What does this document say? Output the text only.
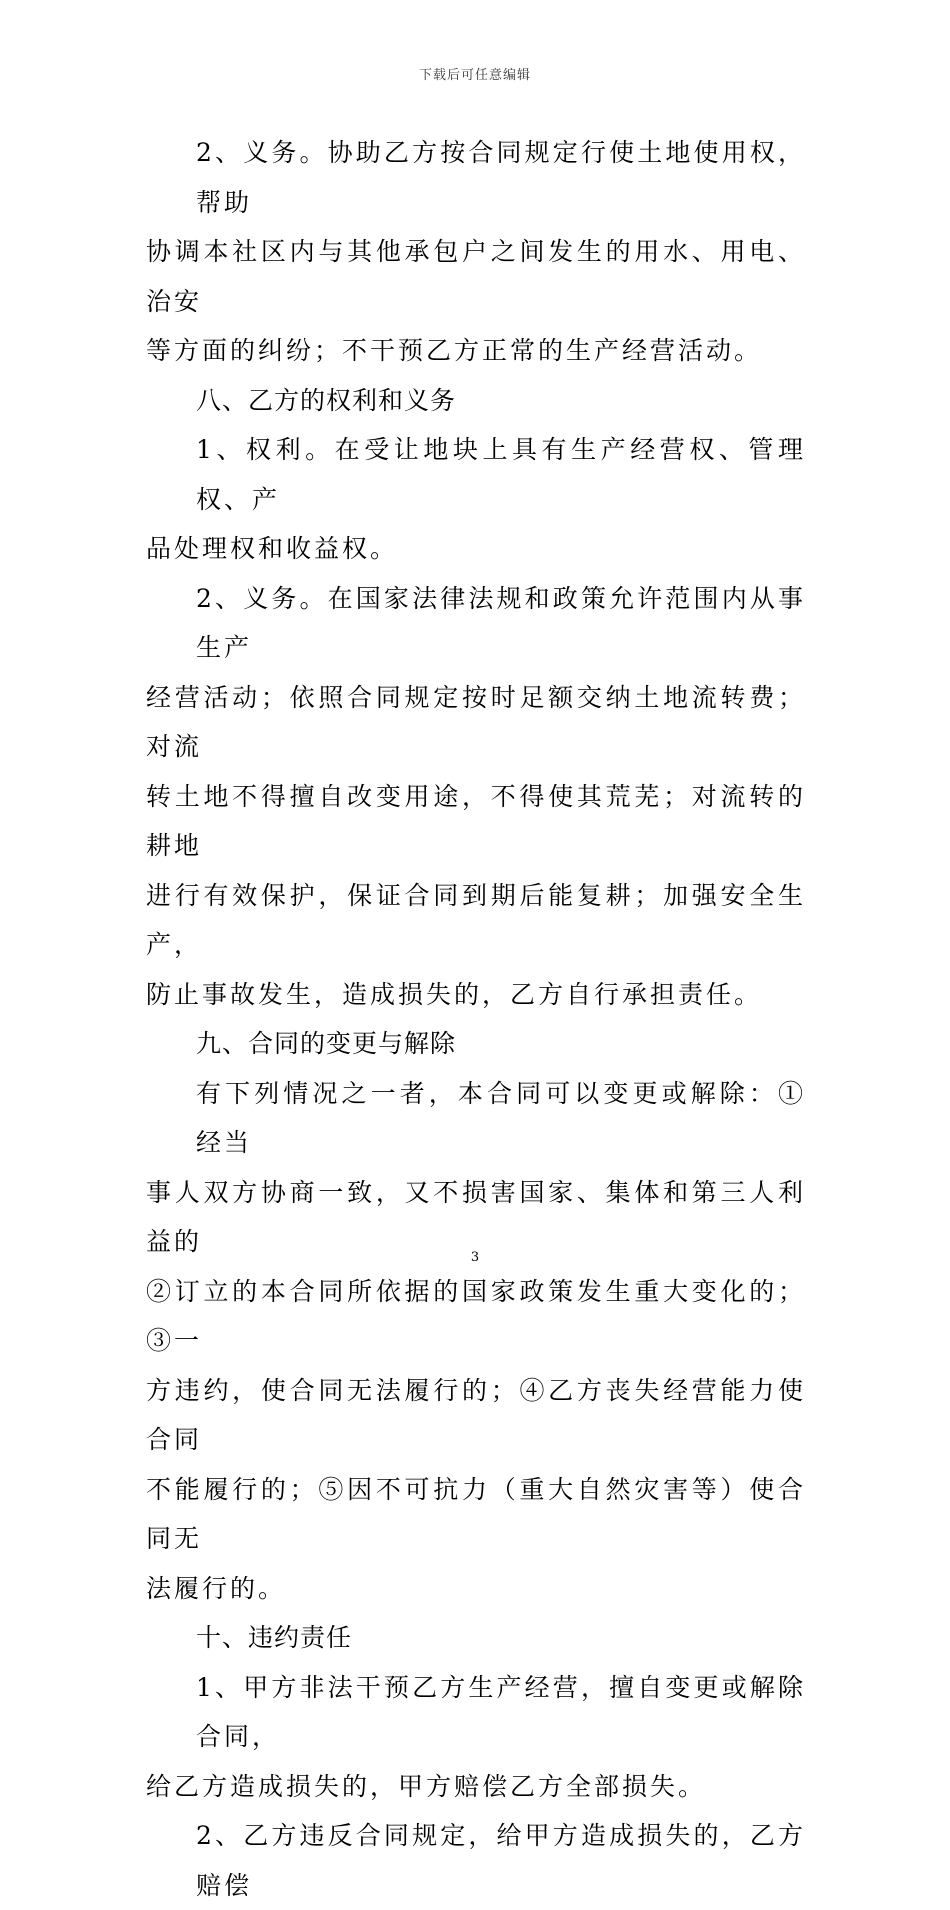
下载后可任意编辑
2、义务。协助乙方按合同规定行使土地使用权，帮助
协调本社区内与其他承包户之间发生的用水、用电、治安
等方面的纠纷；不干预乙方正常的生产经营活动。
八、乙方的权利和义务
1、权利。在受让地块上具有生产经营权、管理权、产
品处理权和收益权。
2、义务。在国家法律法规和政策允许范围内从事生产
经营活动；依照合同规定按时足额交纳土地流转费；对流
转土地不得擅自改变用途，不得使其荒芜；对流转的耕地
进行有效保护，保证合同到期后能复耕；加强安全生产，
防止事故发生，造成损失的，乙方自行承担责任。
九、合同的变更与解除
有下列情况之一者，本合同可以变更或解除：①经当
事人双方协商一致，又不损害国家、集体和第三人利益的
②订立的本合同所依据的国家政策发生重大变化的；③一
方违约，使合同无法履行的；④乙方丧失经营能力使合同
不能履行的；⑤因不可抗力（重大自然灾害等）使合同无
法履行的。
十、违约责任
1、甲方非法干预乙方生产经营，擅自变更或解除合同，
给乙方造成损失的，甲方赔偿乙方全部损失。
2、乙方违反合同规定，给甲方造成损失的，乙方赔偿
3
